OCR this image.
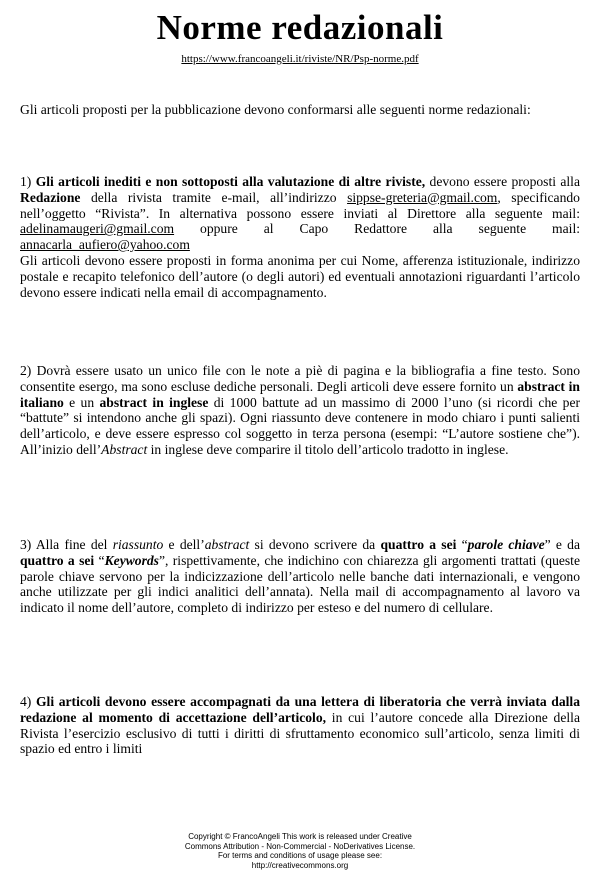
Norme redazionali
https://www.francoangeli.it/riviste/NR/Psp-norme.pdf

Gli articoli proposti per la pubblicazione devono conformarsi alle seguenti norme redazionali:

1) Gli articoli inediti e non sottoposti alla valutazione di altre riviste, devono essere proposti alla Redazione della rivista tramite e-mail, all’indirizzo sippse-greteria@gmail.com, specificando nell’oggetto “Rivista”. In alternativa possono essere inviati al Direttore alla seguente mail: adelinamaugeri@gmail.com oppure al Capo Redattore alla seguente mail: annacarla_aufiero@yahoo.com

Gli articoli devono essere proposti in forma anonima per cui Nome, afferenza istituzionale, indirizzo postale e recapito telefonico dell’autore (o degli autori) ed eventuali annotazioni riguardanti l’articolo devono essere indicati nella email di accompagnamento.

2) Dovrà essere usato un unico file con le note a piè di pagina e la bibliografia a fine testo. Sono consentite esergo, ma sono escluse dediche personali. Degli articoli deve essere fornito un abstract in italiano e un abstract in inglese di 1000 battute ad un massimo di 2000 l’uno (si ricordi che per “battute” si intendono anche gli spazi). Ogni riassunto deve contenere in modo chiaro i punti salienti dell’articolo, e deve essere espresso col soggetto in terza persona (esempi: “L’autore sostiene che”). All’inizio dell’Abstract in inglese deve comparire il titolo dell’articolo tradotto in inglese.

3) Alla fine del riassunto e dell’abstract si devono scrivere da quattro a sei “parole chiave” e da quattro a sei “Keywords”, rispettivamente, che indichino con chiarezza gli argomenti trattati (queste parole chiave servono per la indicizzazione dell’articolo nelle banche dati internazionali, e vengono anche utilizzate per gli indici analitici dell’annata). Nella mail di accompagnamento al lavoro va indicato il nome dell’autore, completo di indirizzo per esteso e del numero di cellulare.

4) Gli articoli devono essere accompagnati da una lettera di liberatoria che verrà inviata dalla redazione al momento di accettazione dell’articolo, in cui l’autore concede alla Direzione della Rivista l’esercizio esclusivo di tutti i diritti di sfruttamento economico sull’articolo, senza limiti di spazio ed entro i limiti

Copyright © FrancoAngeli This work is released under Creative
Commons Attribution - Non-Commercial - NoDerivatives License.
For terms and conditions of usage please see:
http://creativecommons.org
